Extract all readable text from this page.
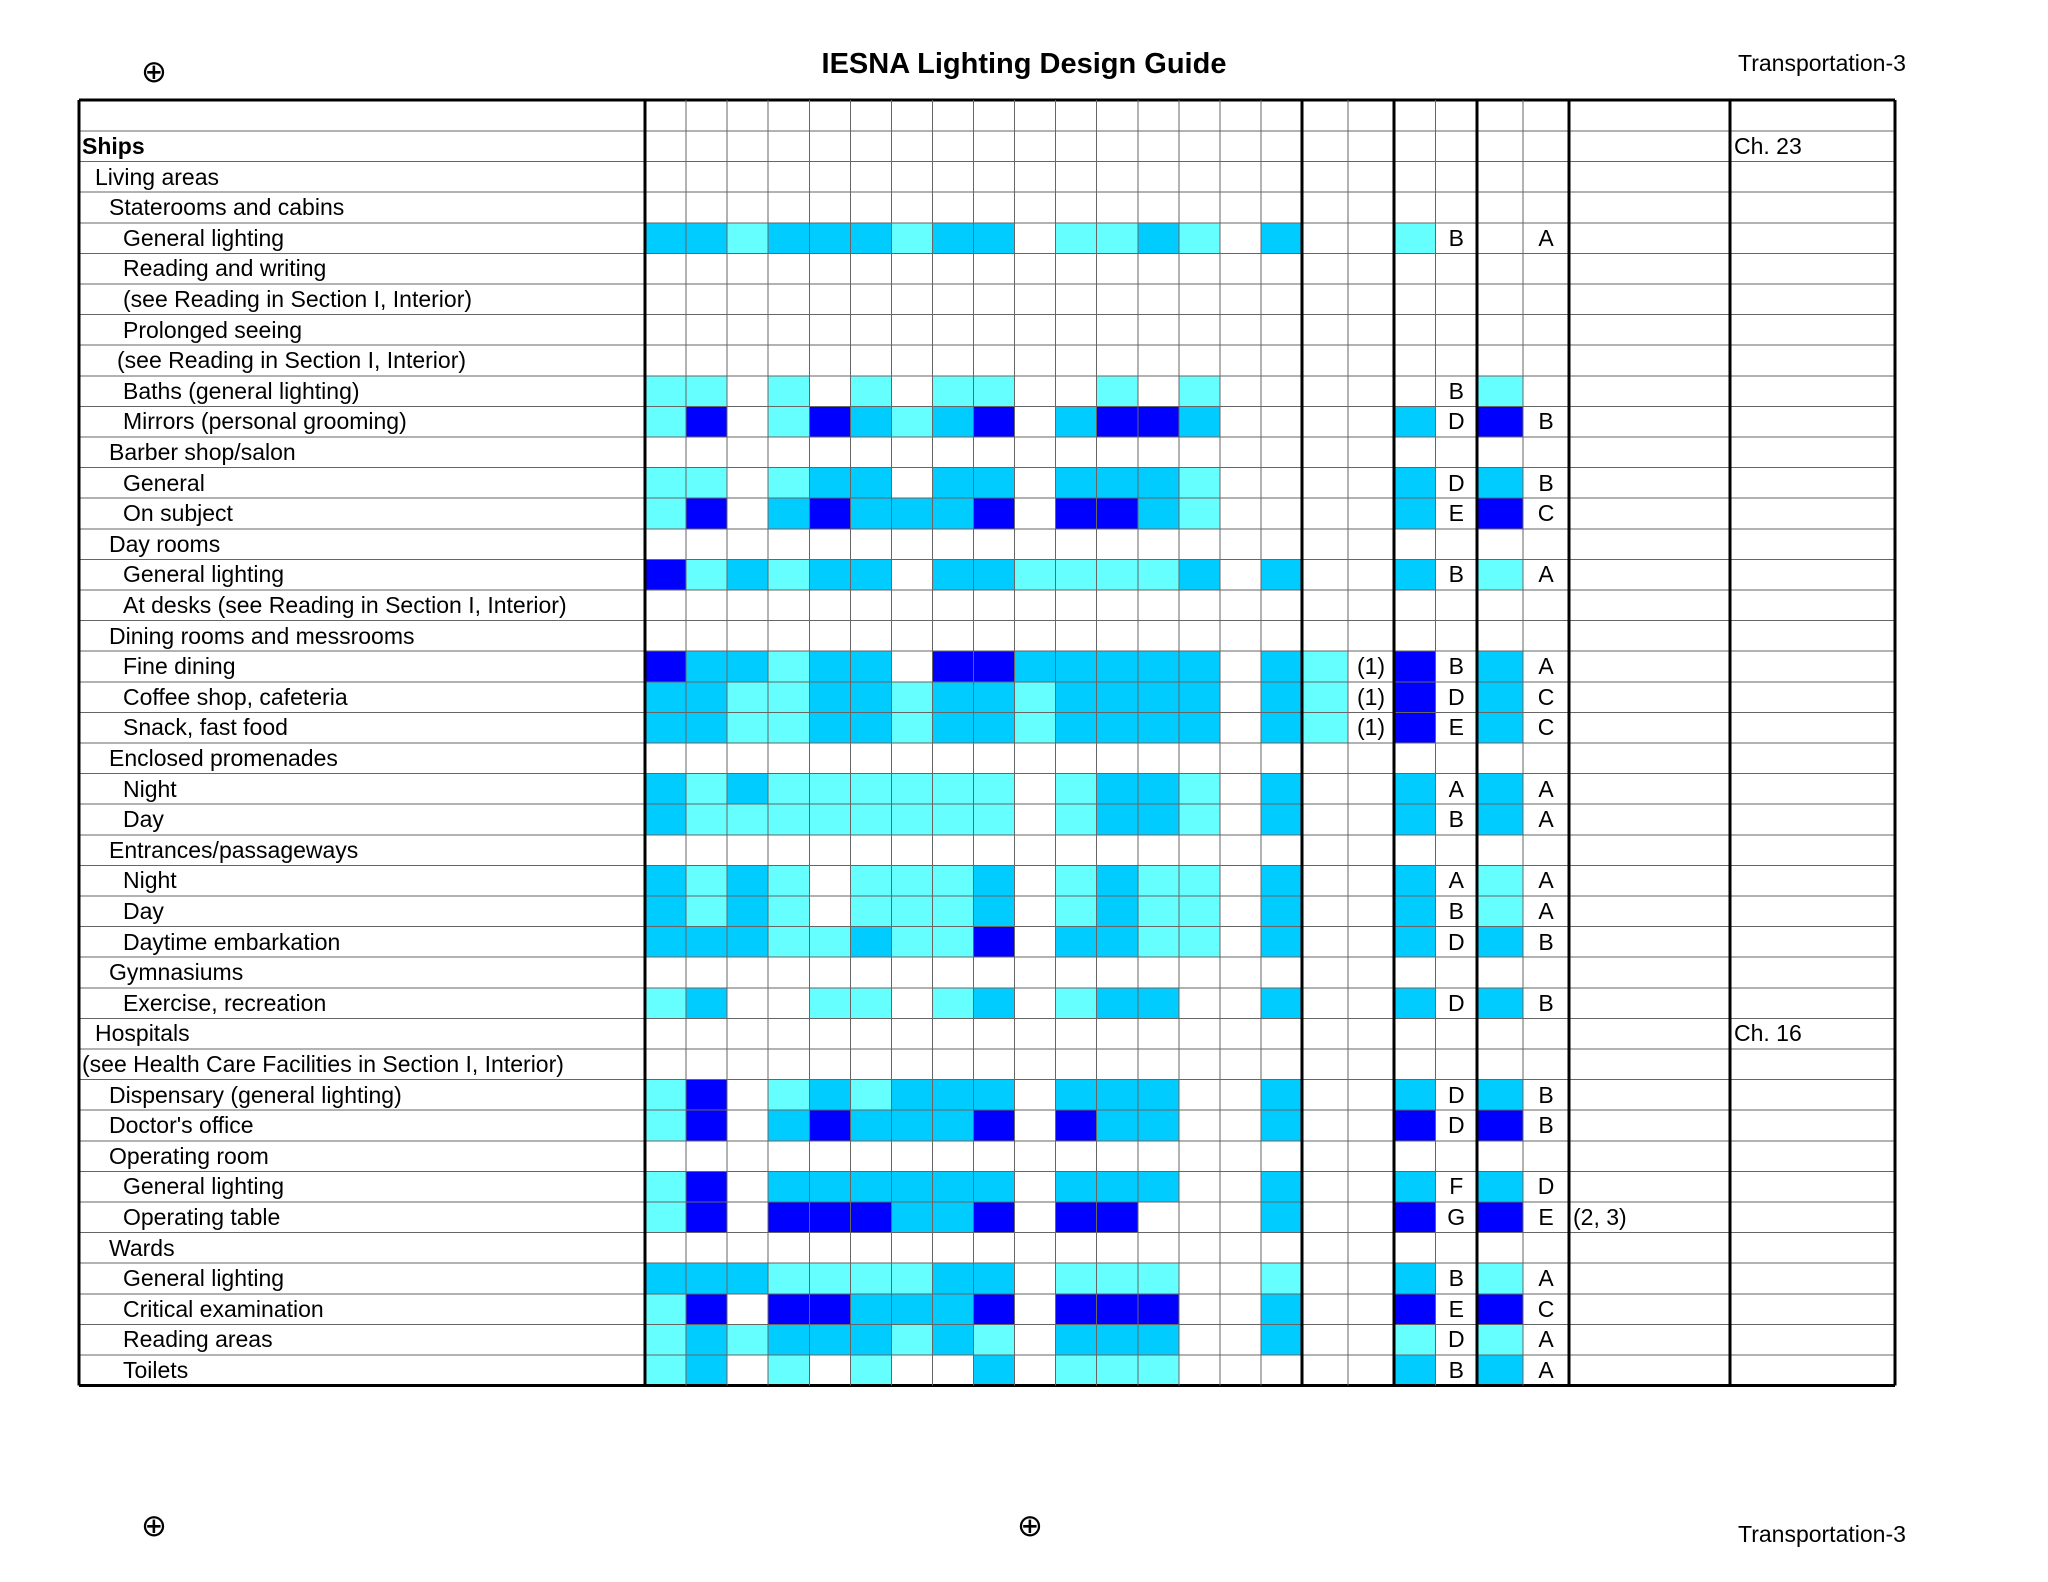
IESNA Lighting Design Guide	Transportation-3
Transportation-3
⊕
⊕	⊕
Ships	Ch. 23
Living areas
Staterooms and cabins
General lighting	B	A
Reading and writing
(see Reading in Section I, Interior)
Prolonged seeing
(see Reading in Section I, Interior)
Baths (general lighting)	B
Mirrors (personal grooming)	D	B
Barber shop/salon
General	D	B
On subject	E	C
Day rooms
General lighting	B	A
At desks (see Reading in Section I, Interior)
Dining rooms and messrooms
Fine dining	(1)	B	A
Coffee shop, cafeteria	(1)	D	C
Snack, fast food	(1)	E	C
Enclosed promenades
Night	A	A
Day	B	A
Entrances/passageways
Night	A	A
Day	B	A
Daytime embarkation	D	B
Gymnasiums
Exercise, recreation	D	B
Hospitals	Ch. 16
(see Health Care Facilities in Section I, Interior)
Dispensary (general lighting)	D	B
Doctor's office	D	B
Operating room
General lighting	F	D
Operating table	G	E (2, 3)
Wards
General lighting	B	A
Critical examination	E	C
Reading areas	D	A
Toilets	B	A
